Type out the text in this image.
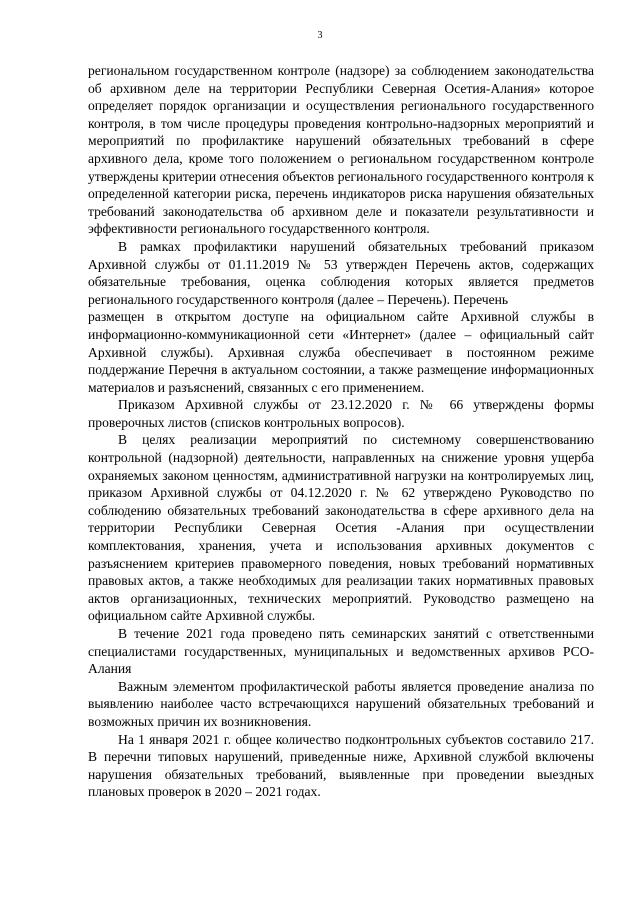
3

региональном государственном контроле (надзоре) за соблюдением законодательства об архивном деле на территории Республики Северная Осетия-Алания» которое определяет порядок организации и осуществления регионального государственного контроля, в том числе процедуры проведения контрольно-надзорных мероприятий и мероприятий по профилактике нарушений обязательных требований в сфере архивного дела, кроме того положением о региональном государственном контроле утверждены критерии отнесения объектов регионального государственного контроля к определенной категории риска, перечень индикаторов риска нарушения обязательных требований законодательства об архивном деле и показатели результативности и эффективности регионального государственного контроля.

В рамках профилактики нарушений обязательных требований приказом Архивной службы от 01.11.2019 № 53 утвержден Перечень актов, содержащих обязательные требования, оценка соблюдения которых является предметов регионального государственного контроля (далее – Перечень). Перечень

размещен в открытом доступе на официальном сайте Архивной службы в информационно-коммуникационной сети «Интернет» (далее – официальный сайт Архивной службы). Архивная служба обеспечивает в постоянном режиме поддержание Перечня в актуальном состоянии, а также размещение информационных материалов и разъяснений, связанных с его применением.

Приказом Архивной службы от 23.12.2020 г. № 66 утверждены формы проверочных листов (списков контрольных вопросов).

В целях реализации мероприятий по системному совершенствованию контрольной (надзорной) деятельности, направленных на снижение уровня ущерба охраняемых законом ценностям, административной нагрузки на контролируемых лиц, приказом Архивной службы от 04.12.2020 г. № 62 утверждено Руководство по соблюдению обязательных требований законодательства в сфере архивного дела на территории Республики Северная Осетия -Алания при осуществлении комплектования, хранения, учета и использования архивных документов с разъяснением критериев правомерного поведения, новых требований нормативных правовых актов, а также необходимых для реализации таких нормативных правовых актов организационных, технических мероприятий. Руководство размещено на официальном сайте Архивной службы.

В течение 2021 года проведено пять семинарских занятий с ответственными специалистами государственных, муниципальных и ведомственных архивов РСО-Алания

Важным элементом профилактической работы является проведение анализа по выявлению наиболее часто встречающихся нарушений обязательных требований и возможных причин их возникновения.

На 1 января 2021 г. общее количество подконтрольных субъектов составило 217. В перечни типовых нарушений, приведенные ниже, Архивной службой включены нарушения обязательных требований, выявленные при проведении выездных плановых проверок в 2020 – 2021 годах.
